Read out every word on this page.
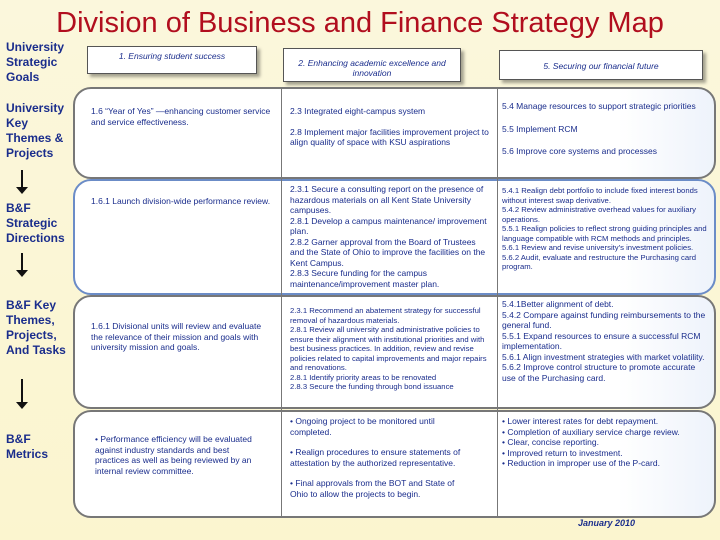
Division of Business and Finance Strategy Map
University Strategic Goals
University Key Themes & Projects
B&F Strategic Directions
B&F Key Themes, Projects, And Tasks
B&F Metrics
1. Ensuring student success
2. Enhancing academic excellence and innovation
5. Securing our financial future

1.6 “Year of Yes” —enhancing customer service and service effectiveness.

2.3 Integrated eight-campus system

2.8 Implement major facilities improvement project to align quality of space with KSU aspirations

5.4 Manage resources to support strategic priorities

5.5 Implement RCM

5.6 Improve core systems and processes

1.6.1 Launch division-wide performance review.

2.3.1 Secure a consulting report on the presence of hazardous materials on all Kent State University campuses.

2.8.1 Develop a campus maintenance/ improvement plan.

2.8.2 Garner approval from the Board of Trustees and the State of Ohio to improve the facilities on the Kent Campus.

2.8.3 Secure funding for the campus maintenance/improvement master plan.

5.4.1 Realign debt portfolio to include fixed interest bonds without interest swap derivative.

5.4.2 Review administrative overhead values for auxiliary operations.

5.5.1 Realign policies to reflect strong guiding principles and language compatible with RCM methods and principles.

5.6.1 Review and revise university's investment policies.

5.6.2 Audit, evaluate and restructure the Purchasing card program.

1.6.1 Divisional units will review and evaluate the relevance of their mission and goals with university mission and goals.

2.3.1 Recommend an abatement strategy for successful removal of hazardous materials.

2.8.1 Review all university and administrative policies to ensure their alignment with institutional priorities and with best business practices. In addition, review and revise policies related to capital improvements and major repairs and renovations.

2.8.1 Identify priority areas to be renovated

2.8.3 Secure the funding through bond issuance

5.4.1Better alignment of debt.

5.4.2 Compare against funding reimbursements to the general fund.

5.5.1 Expand resources to ensure a successful RCM implementation.

5.6.1 Align investment strategies with market volatility.

5.6.2 Improve control structure to promote accurate use of the Purchasing card.

• Performance efficiency will be evaluated against industry standards and best practices as well as being reviewed by an internal review committee.

• Ongoing project to be monitored until completed.

• Realign procedures to ensure statements of attestation by the authorized representative.

• Final approvals from the BOT and State of Ohio to allow the projects to begin.

• Lower interest rates for debt repayment.

• Completion of auxiliary service charge review.

• Clear, concise reporting.

• Improved return to investment.

• Reduction in improper use of the P-card.

January 2010
